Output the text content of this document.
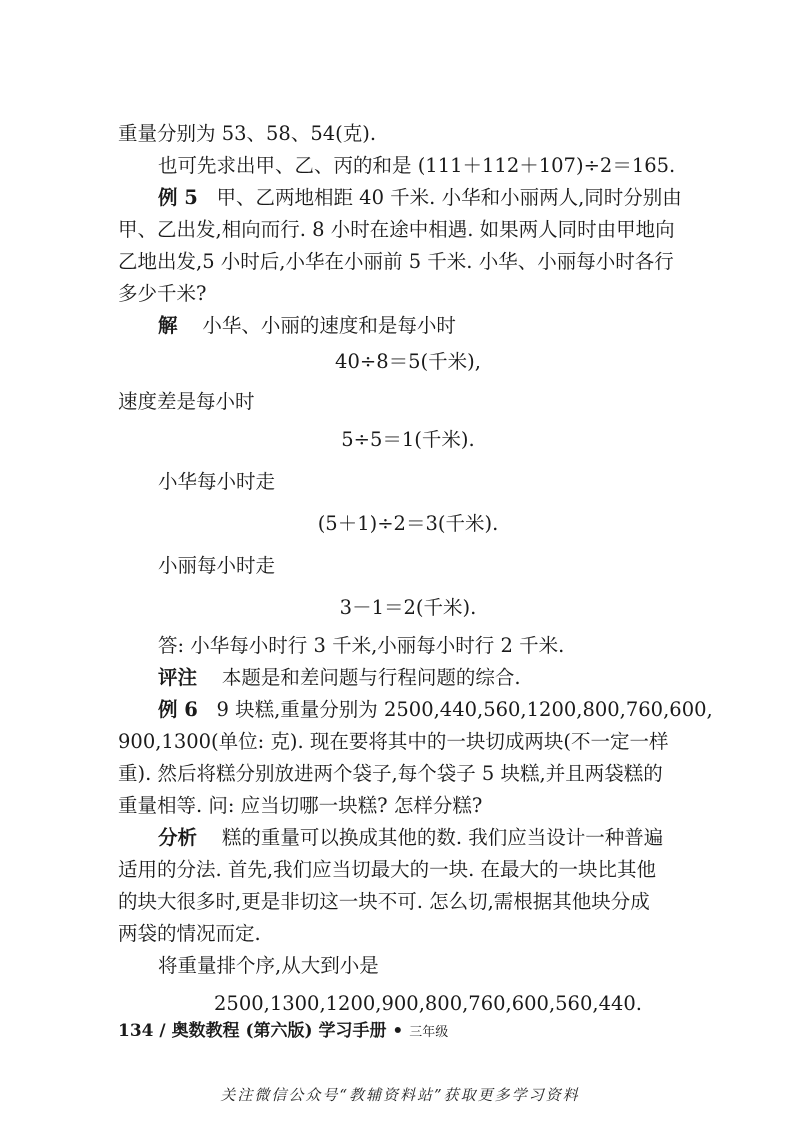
重量分别为 53、58、54(克).
也可先求出甲、乙、丙的和是 (111＋112＋107)÷2＝165.
例 5 甲、乙两地相距 40 千米. 小华和小丽两人,同时分别由
甲、乙出发,相向而行. 8 小时在途中相遇. 如果两人同时由甲地向
乙地出发,5 小时后,小华在小丽前 5 千米. 小华、小丽每小时各行
多少千米?
解 小华、小丽的速度和是每小时
40÷8＝5(千米),
速度差是每小时
5÷5＝1(千米).
小华每小时走
(5＋1)÷2＝3(千米).
小丽每小时走
3－1＝2(千米).
答: 小华每小时行 3 千米,小丽每小时行 2 千米.
评注 本题是和差问题与行程问题的综合.
例 6 9 块糕,重量分别为 2500,440,560,1200,800,760,600,
900,1300(单位: 克). 现在要将其中的一块切成两块(不一定一样
重). 然后将糕分别放进两个袋子,每个袋子 5 块糕,并且两袋糕的
重量相等. 问: 应当切哪一块糕? 怎样分糕?
分析 糕的重量可以换成其他的数. 我们应当设计一种普遍
适用的分法. 首先,我们应当切最大的一块. 在最大的一块比其他
的块大很多时,更是非切这一块不可. 怎么切,需根据其他块分成
两袋的情况而定.
将重量排个序,从大到小是
2500,1300,1200,900,800,760,600,560,440.
134 / 奥数教程 (第六版) 学习手册 • 三年级
关注微信公众号“教辅资料站”获取更多学习资料
